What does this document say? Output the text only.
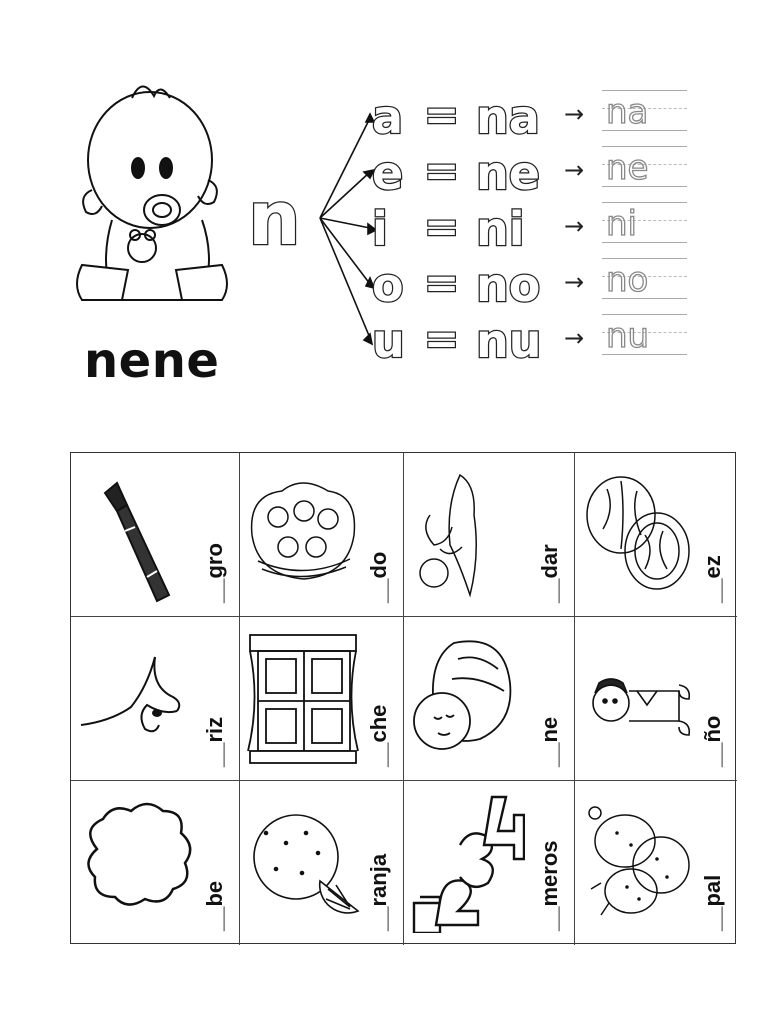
nene
n
a = na → na
e = ne → ne
i = ni → ni
o = no → no
u = nu → nu
__gro	__do	__dar	__ez
__riz	__che	__ne	__ño
__be	__ranja	__meros	__pal
